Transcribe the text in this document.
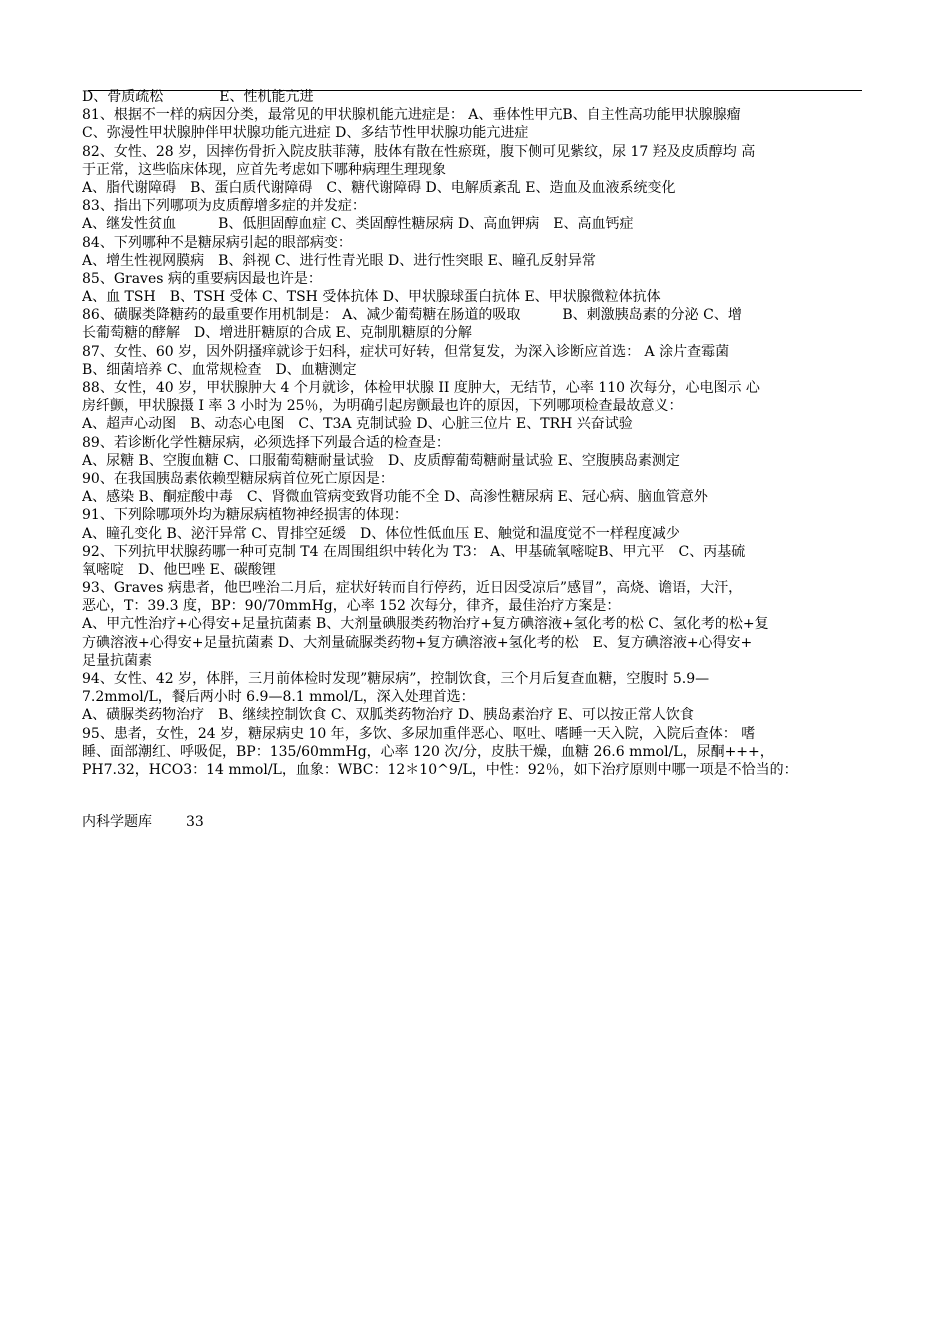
D、骨质疏松　　　　E、性机能亢进
81、根据不一样的病因分类，最常见的甲状腺机能亢进症是： A、垂体性甲亢B、自主性高功能甲状腺腺瘤
C、弥漫性甲状腺肿伴甲状腺功能亢进症 D、多结节性甲状腺功能亢进症
82、女性、28 岁，因摔伤骨折入院皮肤菲薄，肢体有散在性瘀斑，腹下侧可见紫纹，尿 17 羟及皮质醇均 高
于正常，这些临床体现，应首先考虑如下哪种病理生理现象
A、脂代谢障碍　B、蛋白质代谢障碍　C、糖代谢障碍 D、电解质紊乱 E、造血及血液系统变化
83、指出下列哪项为皮质醇增多症的并发症：
A、继发性贫血　　　B、低胆固醇血症 C、类固醇性糖尿病 D、高血钾病　E、高血钙症
84、下列哪种不是糖尿病引起的眼部病变：
A、增生性视网膜病　B、斜视 C、进行性青光眼 D、进行性突眼 E、瞳孔反射异常
85、Graves 病的重要病因最也许是：
A、血 TSH　B、TSH 受体 C、TSH 受体抗体 D、甲状腺球蛋白抗体 E、甲状腺微粒体抗体
86、磺脲类降糖药的最重要作用机制是： A、减少葡萄糖在肠道的吸取　　　B、刺激胰岛素的分泌 C、增
长葡萄糖的酵解　D、增进肝糖原的合成 E、克制肌糖原的分解
87、女性、60 岁，因外阴搔痒就诊于妇科，症状可好转，但常复发，为深入诊断应首选： A 涂片查霉菌
B、细菌培养 C、血常规检查　D、血糖测定
88、女性，40 岁，甲状腺肿大 4 个月就诊，体检甲状腺 II 度肿大，无结节，心率 110 次每分，心电图示 心
房纤颤，甲状腺摄 I 率 3 小时为 25％，为明确引起房颤最也许的原因，下列哪项检查最故意义：
A、超声心动图　B、动态心电图　C、T3A 克制试验 D、心脏三位片 E、TRH 兴奋试验
89、若诊断化学性糖尿病，必须选择下列最合适的检查是：
A、尿糖 B、空腹血糖 C、口服葡萄糖耐量试验　D、皮质醇葡萄糖耐量试验 E、空腹胰岛素测定
90、在我国胰岛素依赖型糖尿病首位死亡原因是：
A、感染 B、酮症酸中毒　C、肾微血管病变致肾功能不全 D、高渗性糖尿病 E、冠心病、脑血管意外
91、下列除哪项外均为糖尿病植物神经损害的体现：
A、瞳孔变化 B、泌汗异常 C、胃排空延缓　D、体位性低血压 E、触觉和温度觉不一样程度减少
92、下列抗甲状腺药哪一种可克制 T4 在周围组织中转化为 T3： A、甲基硫氧嘧啶B、甲亢平　C、丙基硫
氧嘧啶　D、他巴唑 E、碳酸锂
93、Graves 病患者，他巴唑治二月后，症状好转而自行停药，近日因受凉后”感冒”，高烧、谵语，大汗，
恶心，T：39.3 度，BP：90/70mmHg，心率 152 次每分，律齐，最佳治疗方案是：
A、甲亢性治疗+心得安+足量抗菌素 B、大剂量碘服类药物治疗+复方碘溶液+氢化考的松 C、氢化考的松+复
方碘溶液+心得安+足量抗菌素 D、大剂量硫脲类药物+复方碘溶液+氢化考的松　E、复方碘溶液+心得安+
足量抗菌素
94、女性、42 岁，体胖，三月前体检时发现”糖尿病”，控制饮食，三个月后复查血糖，空腹时 5.9—
7.2mmol/L，餐后两小时 6.9—8.1 mmol/L，深入处理首选：
A、磺脲类药物治疗　B、继续控制饮食 C、双胍类药物治疗 D、胰岛素治疗 E、可以按正常人饮食
95、患者，女性，24 岁，糖尿病史 10 年，多饮、多尿加重伴恶心、呕吐、嗜睡一天入院，入院后查体： 嗜
睡、面部潮红、呼吸促，BP：135/60mmHg，心率 120 次/分，皮肤干燥，血糖 26.6 mmol/L，尿酮+++，
PH7.32，HCO3：14 mmol/L，血象：WBC：12＊10^9/L，中性：92％，如下治疗原则中哪一项是不恰当的：
内科学题库 33
